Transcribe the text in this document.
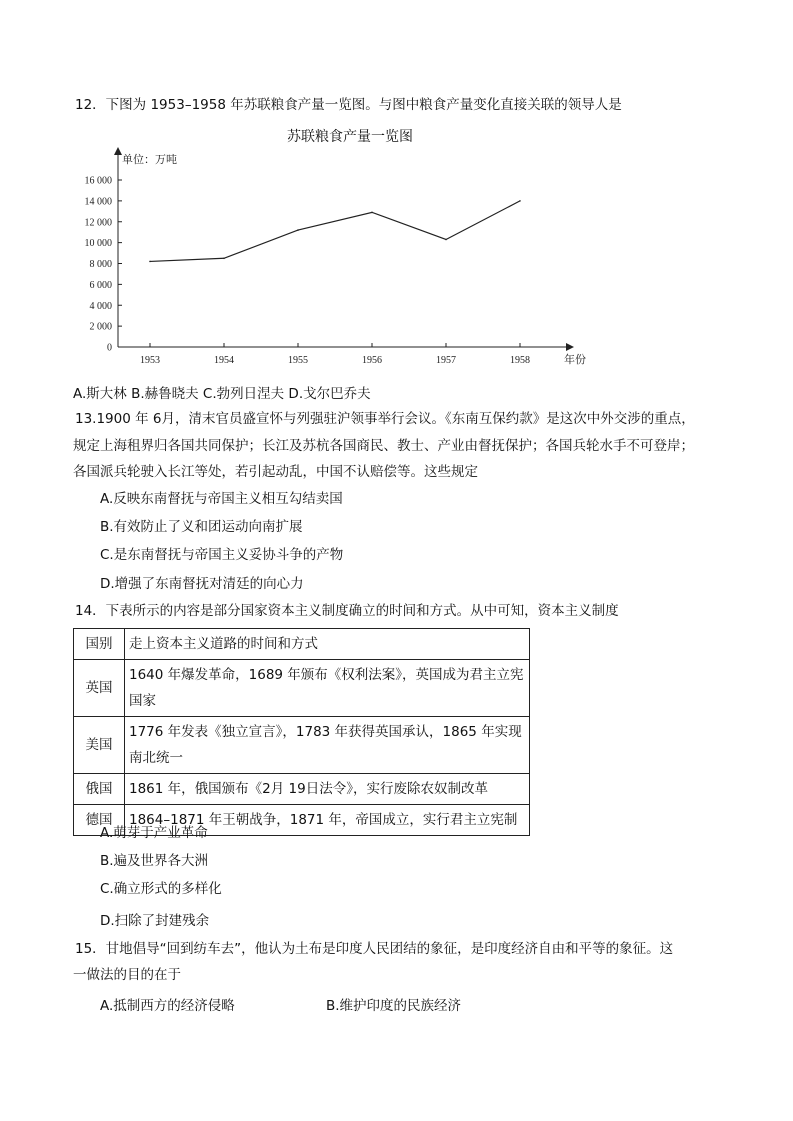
12．下图为 1953–1958 年苏联粮食产量一览图。与图中粮食产量变化直接关联的领导人是
苏联粮食产量一览图
单位：万吨
年份
0
2 000
4 000
6 000
8 000
10 000
12 000
14 000
16 000
1953	1954	1955	1956	1957	1958
A.斯大林 B.赫鲁晓夫 C.勃列日涅夫 D.戈尔巴乔夫
13.1900 年 6月，清末官员盛宣怀与列强驻沪领事举行会议。《东南互保约款》是这次中外交涉的重点，
规定上海租界归各国共同保护；长江及苏杭各国商民、教士、产业由督抚保护；各国兵轮水手不可登岸；
各国派兵轮驶入长江等处，若引起动乱，中国不认赔偿等。这些规定
A.反映东南督抚与帝国主义相互勾结卖国
B.有效防止了义和团运动向南扩展
C.是东南督抚与帝国主义妥协斗争的产物
D.增强了东南督抚对清廷的向心力
14．下表所示的内容是部分国家资本主义制度确立的时间和方式。从中可知，资本主义制度
国别	走上资本主义道路的时间和方式
英国	1640 年爆发革命，1689 年颁布《权利法案》，英国成为君主立宪国家
美国	1776 年发表《独立宣言》，1783 年获得英国承认，1865 年实现南北统一
俄国	1861 年，俄国颁布《2月 19日法令》，实行废除农奴制改革
德国	1864–1871 年王朝战争，1871 年，帝国成立，实行君主立宪制
A.萌芽于产业革命
B.遍及世界各大洲
C.确立形式的多样化
D.扫除了封建残余
15．甘地倡导“回到纺车去”，他认为土布是印度人民团结的象征，是印度经济自由和平等的象征。这
一做法的目的在于
A.抵制西方的经济侵略	B.维护印度的民族经济
